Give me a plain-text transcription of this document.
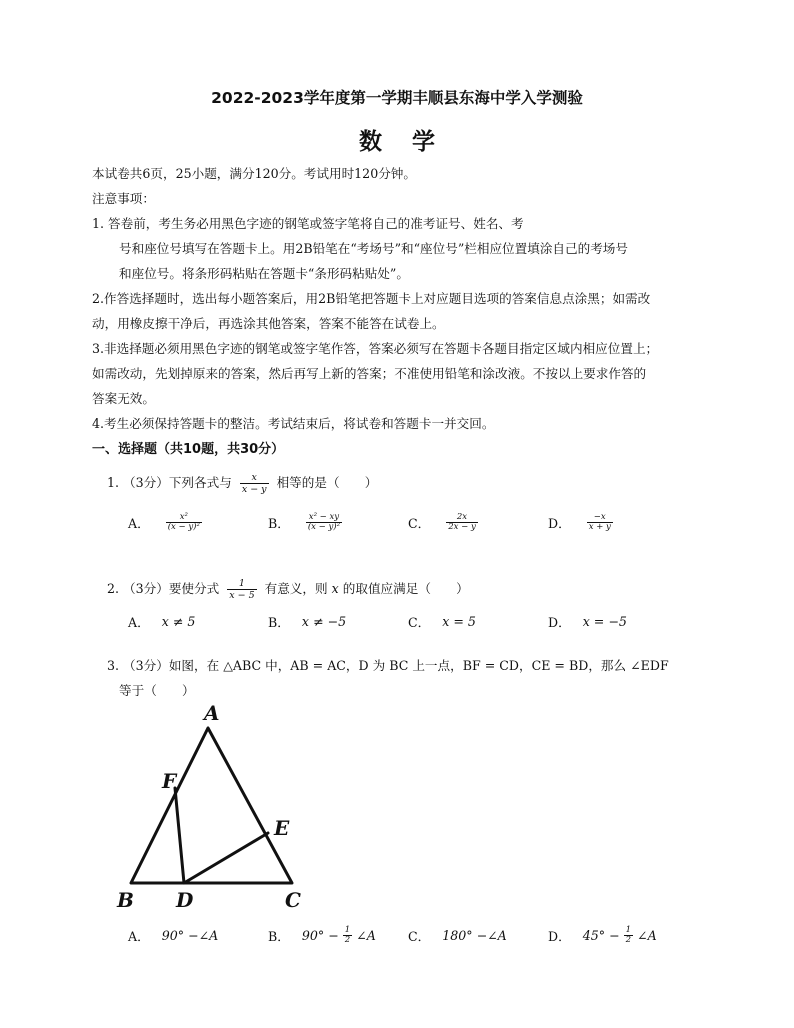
2022-2023学年度第一学期丰顺县东海中学入学测验
数学
本试卷共6页，25小题，满分120分。考试用时120分钟。
注意事项：
1. 答卷前，考生务必用黑色字迹的钢笔或签字笔将自己的准考证号、姓名、考
号和座位号填写在答题卡上。用2B铅笔在“考场号”和“座位号”栏相应位置填涂自己的考场号
和座位号。将条形码粘贴在答题卡“条形码粘贴处”。
2.作答选择题时，选出每小题答案后，用2B铅笔把答题卡上对应题目选项的答案信息点涂黑；如需改
动，用橡皮擦干净后，再选涂其他答案，答案不能答在试卷上。
3.非选择题必须用黑色字迹的钢笔或签字笔作答，答案必须写在答题卡各题目指定区域内相应位置上；
如需改动，先划掉原来的答案，然后再写上新的答案；不准使用铅笔和涂改液。不按以上要求作答的
答案无效。
4.考生必须保持答题卡的整洁。考试结束后，将试卷和答题卡一并交回。
一、选择题（共10题，共30分）
1. （3分）下列各式与 $\frac{x}{x - y}$ 相等的是（　　）
A． $\frac{\text{x²}}{\text{(x − y)²}}$	B． $\frac{\text{x² − xy}}{\text{(x − y)²}}$	C． $\frac{2x}{2x - y}$	D． $\frac{-x}{x + y}$
2. （3分）要使分式 $\frac{1}{x - 5}$ 有意义，则 x 的取值应满足（　　）
A． x ≠ 5	B． x ≠ −5	C． x = 5	D． x = −5
3. （3分）如图，在 △ABC 中，AB = AC，D 为 BC 上一点，BF = CD，CE = BD，那么 ∠EDF
等于（　　）
A
F
E
B D	C
A． 90° −∠A	B． $90^\circ - \frac{1}{2}$ ∠A	C． 180° −∠A	D． $45^\circ - \frac{1}{2}$ ∠A
